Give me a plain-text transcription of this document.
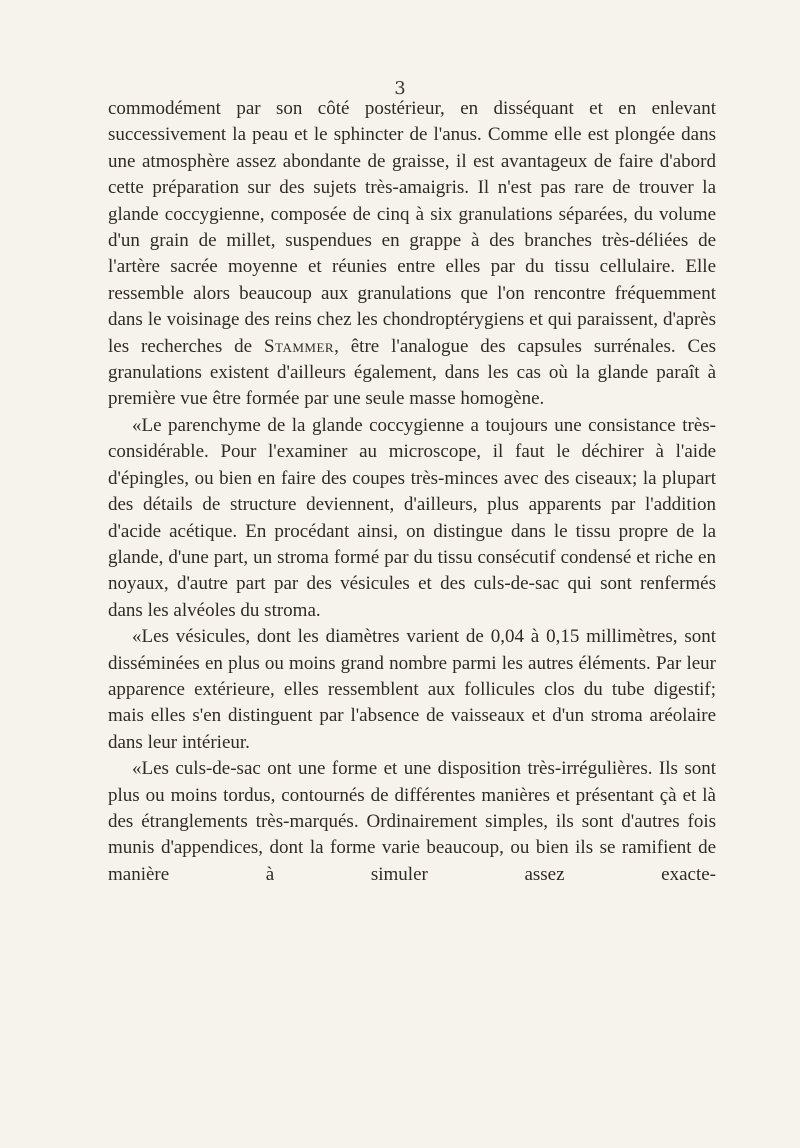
3

commodément par son côté postérieur, en disséquant et en enlevant successivement la peau et le sphincter de l'anus. Comme elle est plongée dans une atmosphère assez abondante de graisse, il est avantageux de faire d'abord cette préparation sur des sujets très-amaigris. Il n'est pas rare de trouver la glande coccygienne, composée de cinq à six granulations séparées, du volume d'un grain de millet, suspendues en grappe à des branches très-déliées de l'artère sacrée moyenne et réunies entre elles par du tissu cellulaire. Elle ressemble alors beaucoup aux granulations que l'on rencontre fréquemment dans le voisinage des reins chez les chondroptérygiens et qui paraissent, d'après les recherches de Stammer, être l'analogue des capsules surrénales. Ces granulations existent d'ailleurs également, dans les cas où la glande paraît à première vue être formée par une seule masse homogène.

«Le parenchyme de la glande coccygienne a toujours une consistance très-considérable. Pour l'examiner au microscope, il faut le déchirer à l'aide d'épingles, ou bien en faire des coupes très-minces avec des ciseaux; la plupart des détails de structure deviennent, d'ailleurs, plus apparents par l'addition d'acide acétique. En procédant ainsi, on distingue dans le tissu propre de la glande, d'une part, un stroma formé par du tissu consécutif condensé et riche en noyaux, d'autre part par des vésicules et des culs-de-sac qui sont renfermés dans les alvéoles du stroma.

«Les vésicules, dont les diamètres varient de 0,04 à 0,15 millimètres, sont disséminées en plus ou moins grand nombre parmi les autres éléments. Par leur apparence extérieure, elles ressemblent aux follicules clos du tube digestif; mais elles s'en distinguent par l'absence de vaisseaux et d'un stroma aréolaire dans leur intérieur.

«Les culs-de-sac ont une forme et une disposition très-irrégulières. Ils sont plus ou moins tordus, contournés de différentes manières et présentant çà et là des étranglements très-marqués. Ordinairement simples, ils sont d'autres fois munis d'appendices, dont la forme varie beaucoup, ou bien ils se ramifient de manière à simuler assez exacte-
